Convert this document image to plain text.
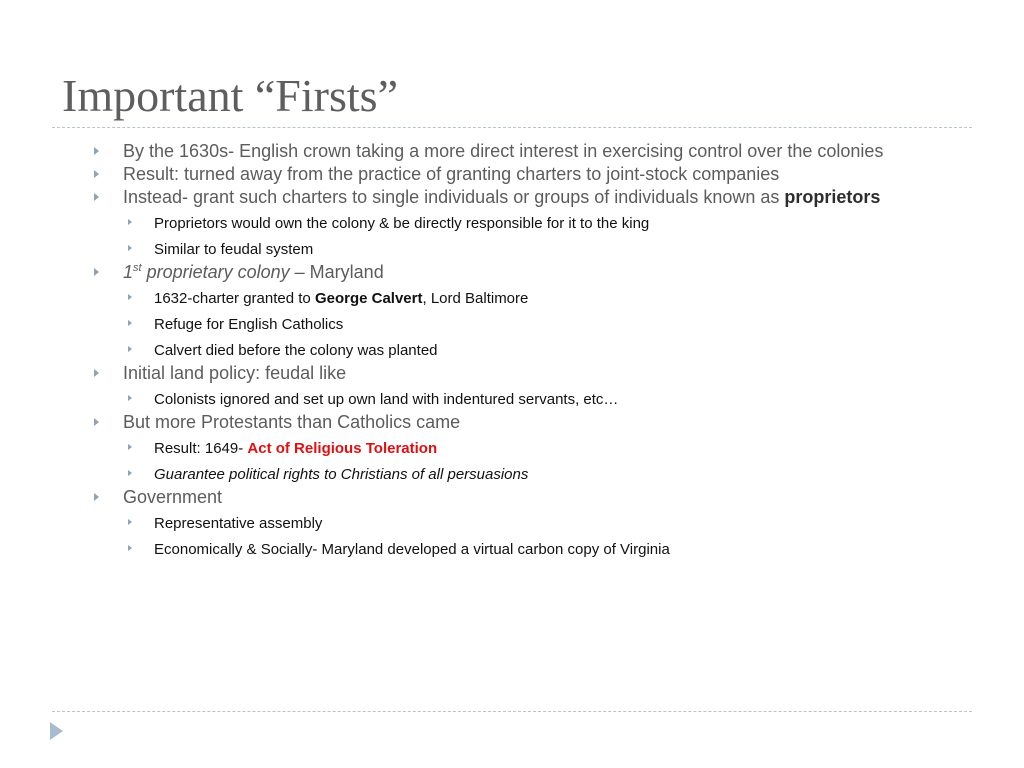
Important “Firsts”
By the 1630s- English crown taking a more direct interest in exercising control over the colonies
Result: turned away from the practice of granting charters to joint-stock companies
Instead- grant such charters to single individuals or groups of individuals known as proprietors
Proprietors would own the colony & be directly responsible for it to the king
Similar to feudal system
1st proprietary colony – Maryland
1632-charter granted to George Calvert, Lord Baltimore
Refuge for English Catholics
Calvert died before the colony was planted
Initial land policy: feudal like
Colonists ignored and set up own land with indentured servants, etc…
But more Protestants than Catholics came
Result: 1649- Act of Religious Toleration
Guarantee political rights to Christians of all persuasions
Government
Representative assembly
Economically & Socially- Maryland developed a virtual carbon copy of Virginia
